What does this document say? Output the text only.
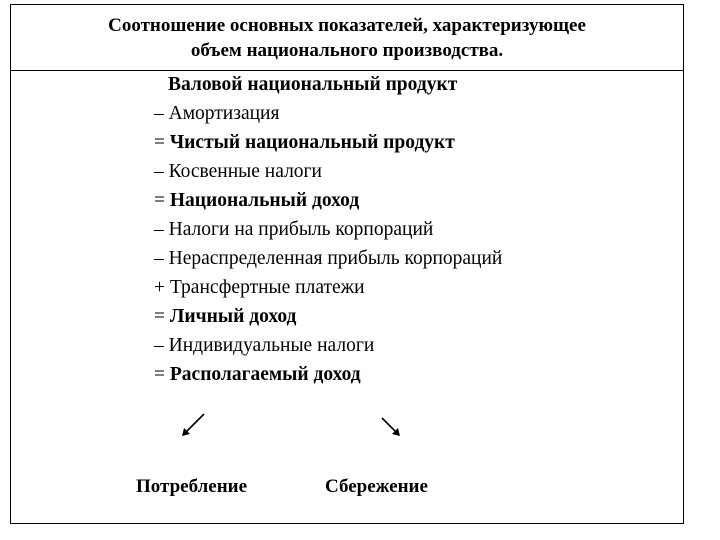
Соотношение основных показателей, характеризующее
объем национального производства.
Валовой национальный продукт
– Амортизация
= Чистый национальный продукт
– Косвенные налоги
= Национальный доход
– Налоги на прибыль корпораций
– Нераспределенная прибыль корпораций
+ Трансфертные платежи
= Личный доход
– Индивидуальные налоги
= Располагаемый доход
Потребление	Сбережение
